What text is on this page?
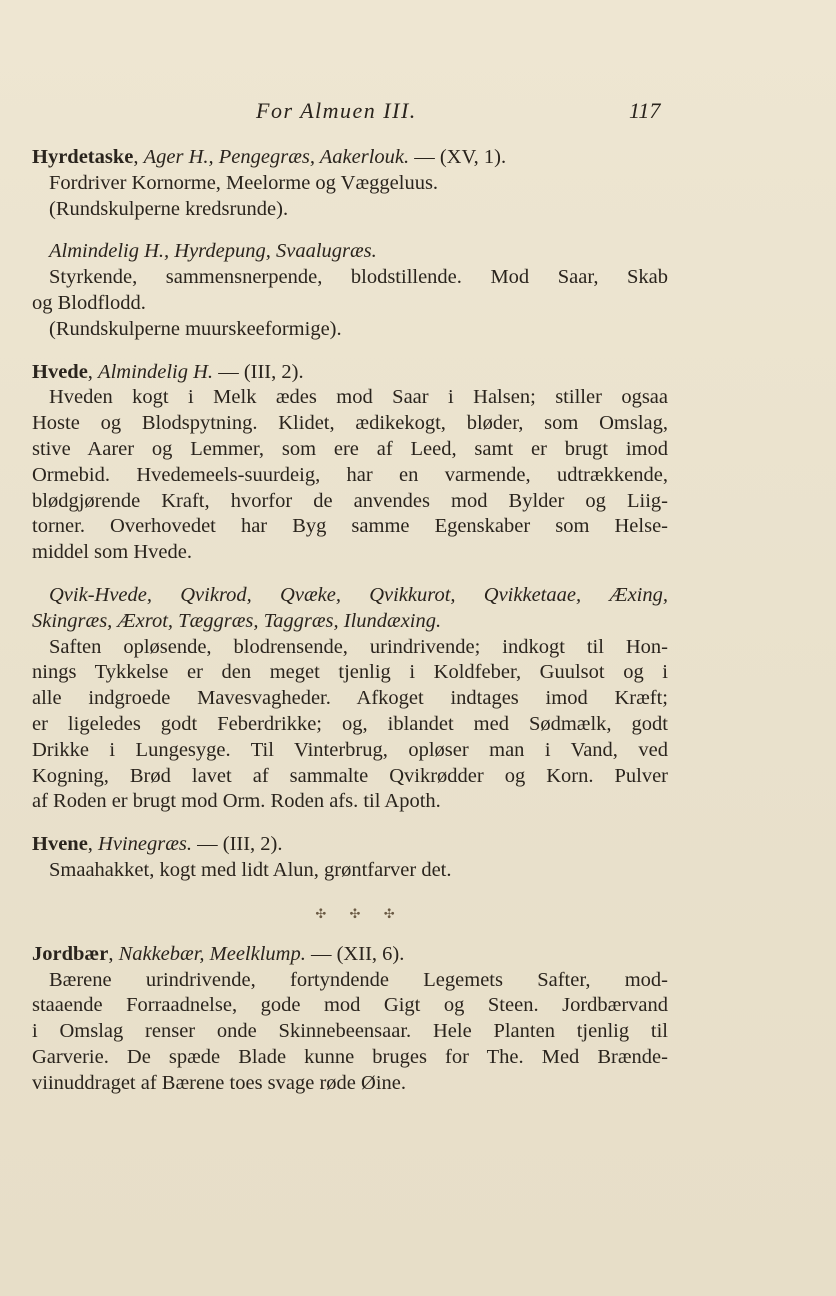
For Almuen III.	117
Hyrdetaske, Ager H., Pengegræs, Aakerlouk. — (XV, 1).
Fordriver Kornorme, Meelorme og Væggeluus.
(Rundskulperne kredsrunde).
Almindelig H., Hyrdepung, Svaalugræs.
Styrkende, sammensnerpende, blodstillende. Mod Saar, Skab
og Blodflodd.
(Rundskulperne muurskeeformige).
Hvede, Almindelig H. — (III, 2).
Hveden kogt i Melk ædes mod Saar i Halsen; stiller ogsaa
Hoste og Blodspytning. Klidet, ædikekogt, bløder, som Omslag,
stive Aarer og Lemmer, som ere af Leed, samt er brugt imod
Ormebid. Hvedemeels-suurdeig, har en varmende, udtrækkende,
blødgjørende Kraft, hvorfor de anvendes mod Bylder og Liig-
torner. Overhovedet har Byg samme Egenskaber som Helse-
middel som Hvede.
Qvik-Hvede, Qvikrod, Qvæke, Qvikkurot, Qvikketaae, Æxing,
Skingræs, Æxrot, Tæggræs, Taggræs, Ilundæxing.
Saften opløsende, blodrensende, urindrivende; indkogt til Hon-
nings Tykkelse er den meget tjenlig i Koldfeber, Guulsot og i
alle indgroede Mavesvagheder. Afkoget indtages imod Kræft;
er ligeledes godt Feberdrikke; og, iblandet med Sødmælk, godt
Drikke i Lungesyge. Til Vinterbrug, opløser man i Vand, ved
Kogning, Brød lavet af sammalte Qvikrødder og Korn. Pulver
af Roden er brugt mod Orm. Roden afs. til Apoth.
Hvene, Hvinegræs. — (III, 2).
Smaahakket, kogt med lidt Alun, grøntfarver det.
✣ ✣ ✣
Jordbær, Nakkebær, Meelklump. — (XII, 6).
Bærene urindrivende, fortyndende Legemets Safter, mod-
staaende Forraadnelse, gode mod Gigt og Steen. Jordbærvand
i Omslag renser onde Skinnebeensaar. Hele Planten tjenlig til
Garverie. De spæde Blade kunne bruges for The. Med Brænde-
viinuddraget af Bærene toes svage røde Øine.
